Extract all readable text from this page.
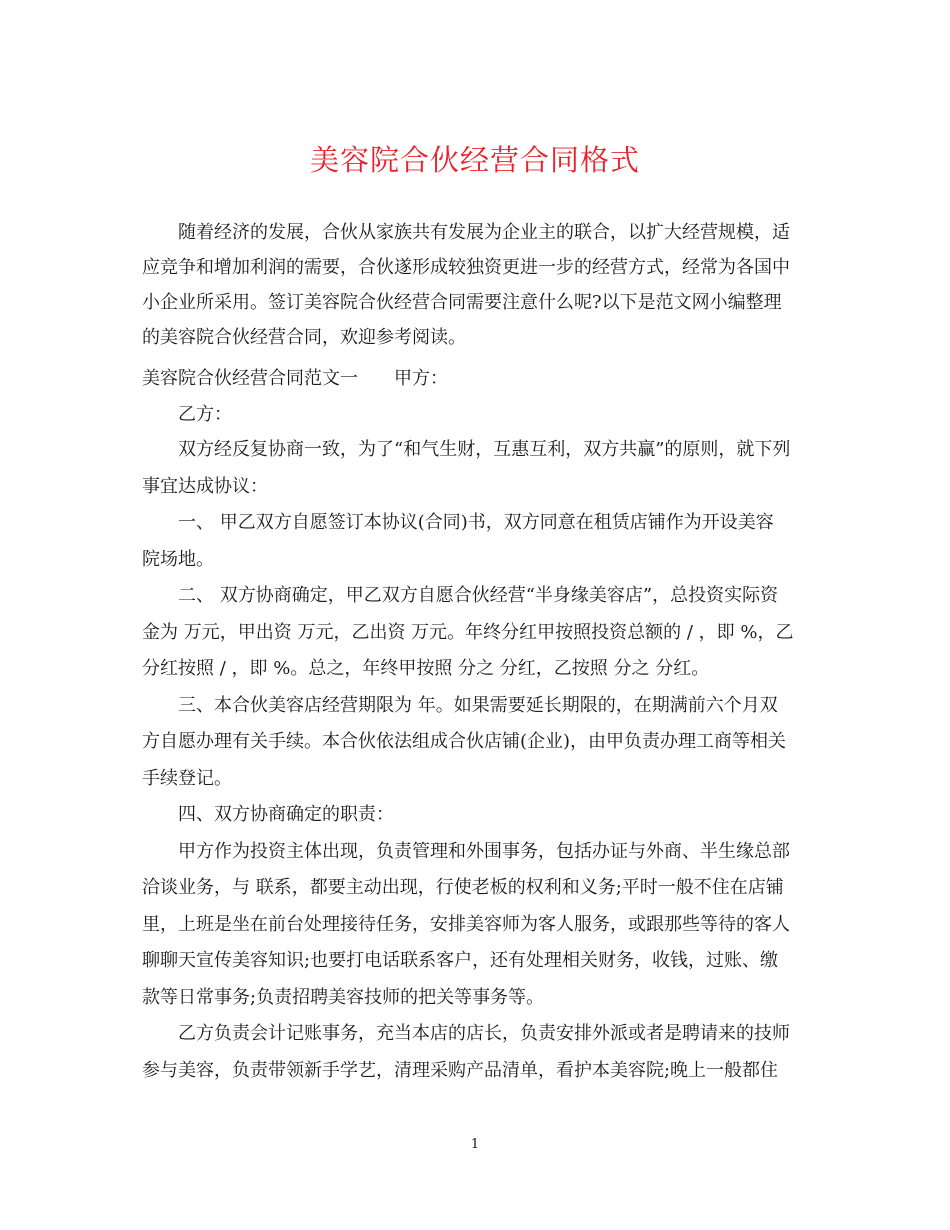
美容院合伙经营合同格式
　　随着经济的发展，合伙从家族共有发展为企业主的联合，以扩大经营规模，适
应竞争和增加利润的需要，合伙遂形成较独资更进一步的经营方式，经常为各国中
小企业所采用。签订美容院合伙经营合同需要注意什么呢?以下是范文网小编整理
的美容院合伙经营合同，欢迎参考阅读。
美容院合伙经营合同范文一　　甲方：
　　乙方：
　　双方经反复协商一致，为了“和气生财，互惠互利，双方共赢”的原则，就下列
事宜达成协议：
　　一、 甲乙双方自愿签订本协议(合同)书，双方同意在租赁店铺作为开设美容
院场地。
　　二、 双方协商确定，甲乙双方自愿合伙经营“半身缘美容店”，总投资实际资
金为 万元，甲出资 万元，乙出资 万元。年终分红甲按照投资总额的 / ，即 %，乙
分红按照 / ，即 %。总之，年终甲按照 分之 分红，乙按照 分之 分红。
　　三、本合伙美容店经营期限为 年。如果需要延长期限的，在期满前六个月双
方自愿办理有关手续。本合伙依法组成合伙店铺(企业)，由甲负责办理工商等相关
手续登记。
　　四、双方协商确定的职责：
　　甲方作为投资主体出现，负责管理和外围事务，包括办证与外商、半生缘总部
洽谈业务，与 联系，都要主动出现，行使老板的权利和义务;平时一般不住在店铺
里，上班是坐在前台处理接待任务，安排美容师为客人服务，或跟那些等待的客人
聊聊天宣传美容知识;也要打电话联系客户，还有处理相关财务，收钱，过账、缴
款等日常事务;负责招聘美容技师的把关等事务等。
　　乙方负责会计记账事务，充当本店的店长，负责安排外派或者是聘请来的技师
参与美容，负责带领新手学艺，清理采购产品清单，看护本美容院;晚上一般都住
1
